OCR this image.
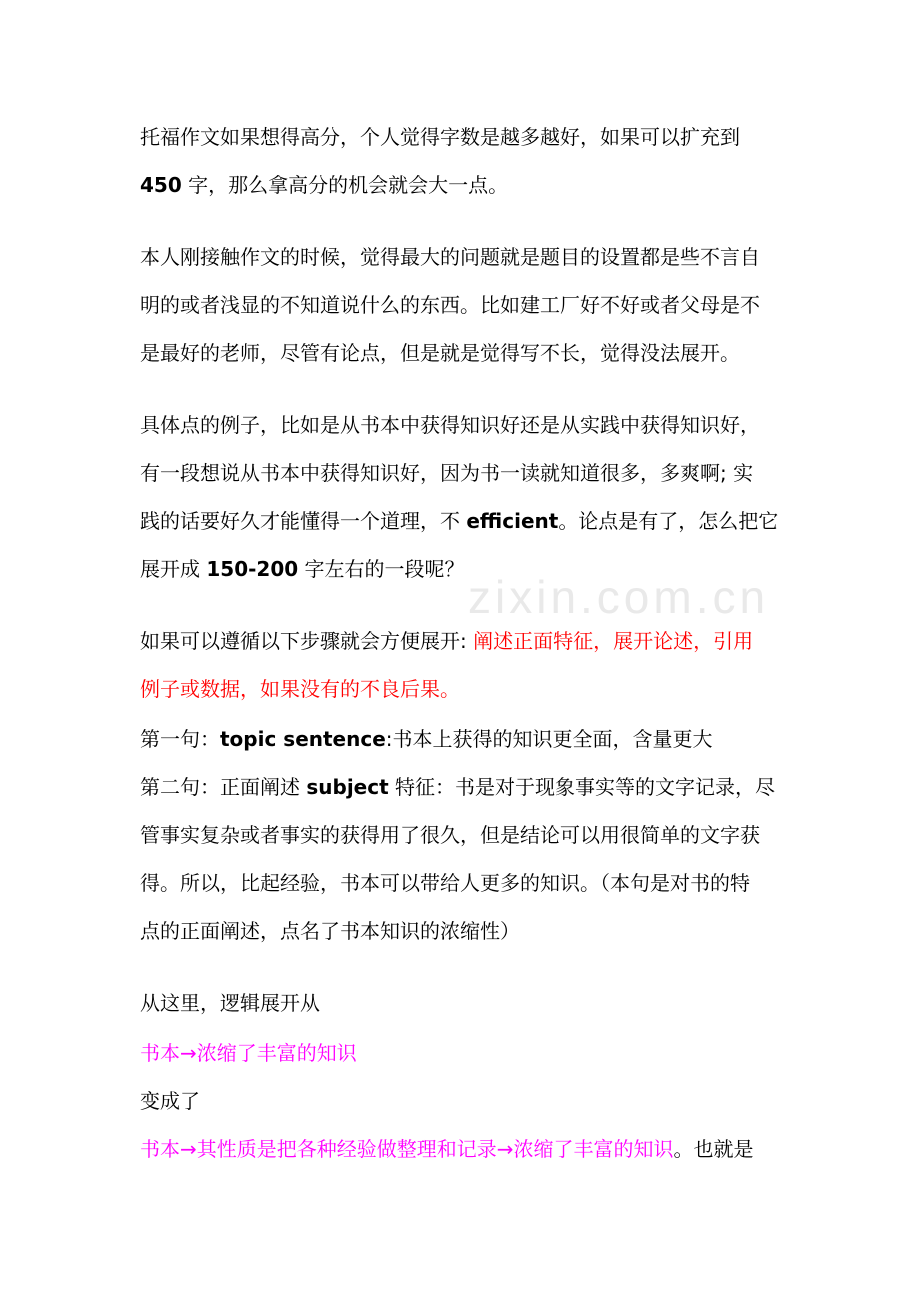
zixin.com.cn
托福作文如果想得高分，个人觉得字数是越多越好，如果可以扩充到
450 字，那么拿高分的机会就会大一点。
本人刚接触作文的时候，觉得最大的问题就是题目的设置都是些不言自
明的或者浅显的不知道说什么的东西。比如建工厂好不好或者父母是不
是最好的老师，尽管有论点，但是就是觉得写不长，觉得没法展开。
具体点的例子，比如是从书本中获得知识好还是从实践中获得知识好，
有一段想说从书本中获得知识好，因为书一读就知道很多，多爽啊; 实
践的话要好久才能懂得一个道理，不 efficient。论点是有了，怎么把它
展开成 150-200 字左右的一段呢？
如果可以遵循以下步骤就会方便展开: 阐述正面特征，展开论述，引用
例子或数据，如果没有的不良后果。
第一句：topic sentence:书本上获得的知识更全面，含量更大
第二句：正面阐述 subject 特征：书是对于现象事实等的文字记录，尽
管事实复杂或者事实的获得用了很久，但是结论可以用很简单的文字获
得。所以，比起经验，书本可以带给人更多的知识。（本句是对书的特
点的正面阐述，点名了书本知识的浓缩性）
从这里，逻辑展开从
书本→浓缩了丰富的知识
变成了
书本→其性质是把各种经验做整理和记录→浓缩了丰富的知识。也就是
